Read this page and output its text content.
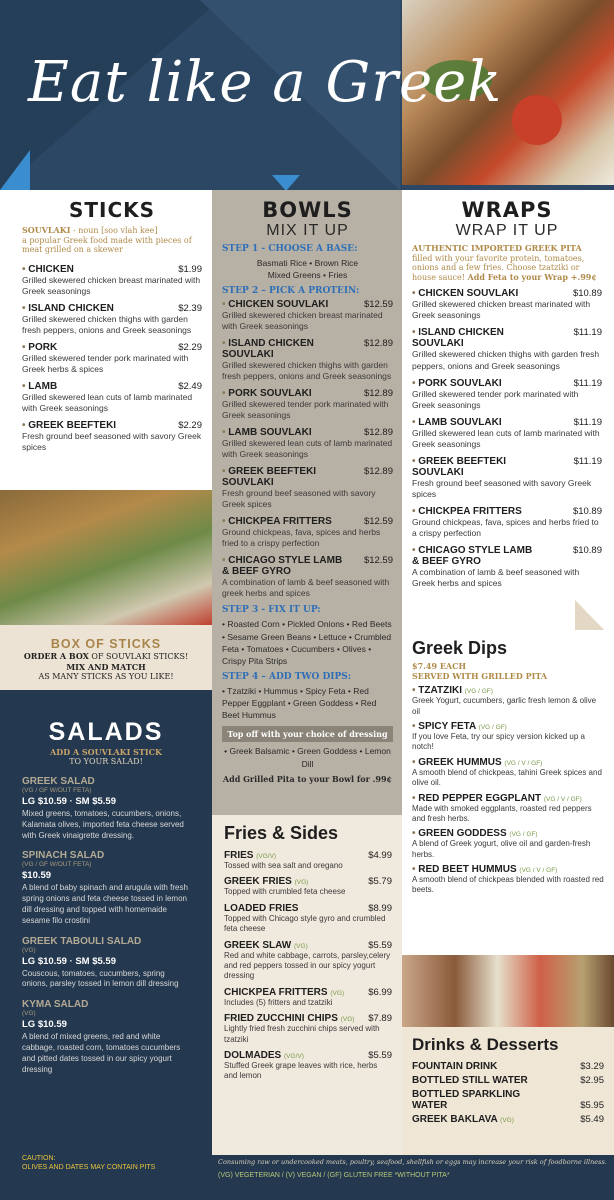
Eat like a Greek
STICKS
SOUVLAKI - noun [soo vlah kee]
a popular Greek food made with pieces of meat grilled on a skewer
• CHICKEN	$1.99
Grilled skewered chicken breast marinated with Greek seasonings
• ISLAND CHICKEN	$2.39
Grilled skewered chicken thighs with garden fresh peppers, onions and Greek seasonings
• PORK	$2.29
Grilled skewered tender pork marinated with Greek herbs & spices
• LAMB	$2.49
Grilled skewered lean cuts of lamb marinated with Greek seasonings
• GREEK BEEFTEKI	$2.29
Fresh ground beef seasoned with savory Greek spices
BOX OF STICKS
ORDER A BOX OF SOUVLAKI STICKS!
MIX AND MATCH
AS MANY STICKS AS YOU LIKE!
SALADS
ADD A SOUVLAKI STICK
TO YOUR SALAD!
GREEK SALAD
(VG / GF W/OUT FETA)
LG $10.59 · SM $5.59
Mixed greens, tomatoes, cucumbers, onions, Kalamata olives, imported feta cheese served with Greek vinaigrette dressing.
SPINACH SALAD
(VG / GF W/OUT FETA)
$10.59
A blend of baby spinach and arugula with fresh spring onions and feta cheese tossed in lemon dill dressing and topped with homemaide sesame filo crostini
GREEK TABOULI SALAD
(VG)
LG $10.59 · SM $5.59
Couscous, tomatoes, cucumbers, spring onions, parsley tossed in lemon dill dressing
KYMA SALAD
(VG)
LG $10.59
A blend of mixed greens, red and white cabbage, roasted corn, tomatoes cucumbers and pitted dates tossed in our spicy yogurt dressing
CAUTION:
OLIVES AND DATES MAY CONTAIN PITS
BOWLS
MIX IT UP
STEP 1 - CHOOSE A BASE:
Basmati Rice • Brown Rice
Mixed Greens • Fries
STEP 2 – PICK A PROTEIN:
• CHICKEN SOUVLAKI	$12.59
Grilled skewered chicken breast marinated with Greek seasonings
• ISLAND CHICKEN SOUVLAKI
$12.89
Grilled skewered chicken thighs with garden fresh peppers, onions and Greek seasonings
• PORK SOUVLAKI	$12.89
Grilled skewered tender pork marinated with Greek seasonings
• LAMB SOUVLAKI	$12.89
Grilled skewered lean cuts of lamb marinated with Greek seasonings
• GREEK BEEFTEKI SOUVLAKI
$12.89
Fresh ground beef seasoned with savory Greek spices
• CHICKPEA FRITTERS	$12.59
Ground chickpeas, fava, spices and herbs fried to a crispy perfection
• CHICAGO STYLE LAMB & BEEF GYRO
$12.59
A combination of lamb & beef seasoned with greek herbs and spices
STEP 3 - FIX IT UP:
• Roasted Corn • Pickled Onions • Red Beets • Sesame Green Beans • Lettuce • Crumbled Feta • Tomatoes • Cucumbers • Olives • Crispy Pita Strips
STEP 4 – ADD TWO DIPS:
• Tzatziki • Hummus • Spicy Feta • Red Pepper Eggplant • Green Goddess • Red Beet Hummus
Top off with your choice of dressing
• Greek Balsamic • Green Goddess • Lemon Dill
Add Grilled Pita to your Bowl for .99¢
Fries & Sides
FRIES (VG/V)	$4.99
Tossed with sea salt and oregano
GREEK FRIES (VG)	$5.79
Topped with crumbled feta cheese
LOADED FRIES	$8.99
Topped with Chicago style gyro and crumbled feta cheese
GREEK SLAW (VG)	$5.59
Red and white cabbage, carrots, parsley,celery and red peppers tossed in our spicy yogurt dressing
CHICKPEA FRITTERS (VG)	$6.99
Includes (5) fritters and tzatziki
FRIED ZUCCHINI CHIPS (VG) $7.89
Lightly fried fresh zucchini chips served with tzatziki
DOLMADES (VG/V)	$5.59
Stuffed Greek grape leaves with rice, herbs and lemon
WRAPS
WRAP IT UP
AUTHENTIC IMPORTED GREEK PITA
filled with your favorite protein, tomatoes, onions and a few fries. Choose tzatziki or house sauce! Add Feta to your Wrap +.99¢
• CHICKEN SOUVLAKI	$10.89
Grilled skewered chicken breast marinated with Greek seasonings
• ISLAND CHICKEN SOUVLAKI
$11.19
Grilled skewered chicken thighs with garden fresh peppers, onions and Greek seasonings
• PORK SOUVLAKI	$11.19
Grilled skewered tender pork marinated with Greek seasonings
• LAMB SOUVLAKI	$11.19
Grilled skewered lean cuts of lamb marinated with Greek seasonings
• GREEK BEEFTEKI SOUVLAKI
$11.19
Fresh ground beef seasoned with savory Greek spices
• CHICKPEA FRITTERS	$10.89
Ground chickpeas, fava, spices and herbs fried to a crispy perfection
• CHICAGO STYLE LAMB & BEEF GYRO
$10.89
A combination of lamb & beef seasoned with Greek herbs and spices
Greek Dips
$7.49 EACH
SERVED WITH GRILLED PITA
• TZATZIKI (VG / GF)
Greek Yogurt, cucumbers, garlic fresh lemon & olive oil
• SPICY FETA (VG / GF)
If you love Feta, try our spicy version kicked up a notch!
• GREEK HUMMUS (VG / V / GF)
A smooth blend of chickpeas, tahini Greek spices and olive oil.
• RED PEPPER EGGPLANT (VG / V / GF)
Made with smoked eggplants, roasted red peppers and fresh herbs.
• GREEN GODDESS (VG / GF)
A blend of Greek yogurt, olive oil and garden-fresh herbs.
• RED BEET HUMMUS (VG / V / GF)
A smooth blend of chickpeas blended with roasted red beets.
Drinks & Desserts
FOUNTAIN DRINK	$3.29
BOTTLED STILL WATER	$2.95
BOTTLED SPARKLING WATER	$5.95
GREEK BAKLAVA (VG)	$5.49
Consuming raw or undercooked meats, poultry, seafood, shellfish or eggs may increase your risk of foodborne illness.
(VG) VEGETERIAN / (V) VEGAN / (GF) GLUTEN FREE *WITHOUT PITA*
